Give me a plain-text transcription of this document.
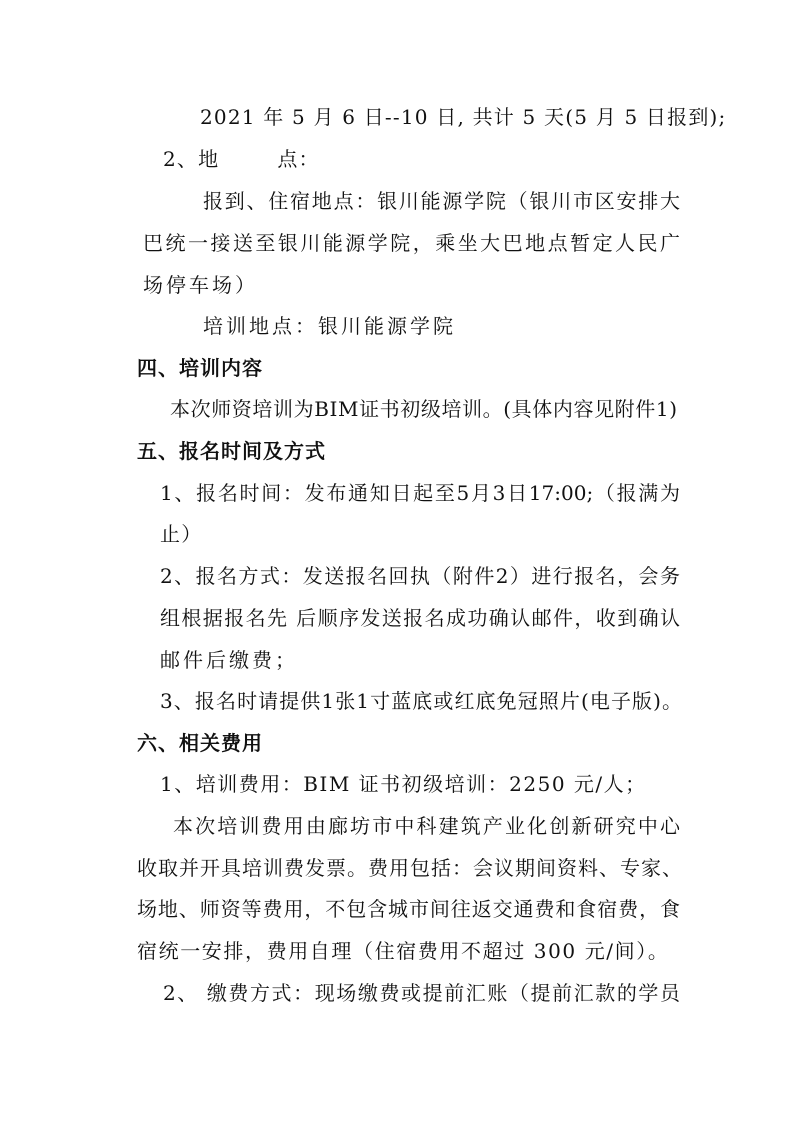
2021 年 5 月 6 日--10 日, 共计 5 天(5 月 5 日报到);
2、地	点：
报到、住宿地点：银川能源学院（银川市区安排大
巴统一接送至银川能源学院，乘坐大巴地点暂定人民广
场停车场）
培训地点：银川能源学院
四、培训内容
本次师资培训为BIM证书初级培训。(具体内容见附件1)
五、报名时间及方式
1、报名时间：发布通知日起至5月3日17:00;（报满为
止）
2、报名方式：发送报名回执（附件2）进行报名，会务
组根据报名先 后顺序发送报名成功确认邮件，收到确认
邮件后缴费；
3、报名时请提供1张1寸蓝底或红底免冠照片(电子版)。
六、相关费用
1、培训费用：BIM 证书初级培训：2250 元/人；
本次培训费用由廊坊市中科建筑产业化创新研究中心
收取并开具培训费发票。费用包括：会议期间资料、专家、
场地、师资等费用，不包含城市间往返交通费和食宿费，食
宿统一安排，费用自理（住宿费用不超过 300 元/间）。
2、 缴费方式：现场缴费或提前汇账（提前汇款的学员
